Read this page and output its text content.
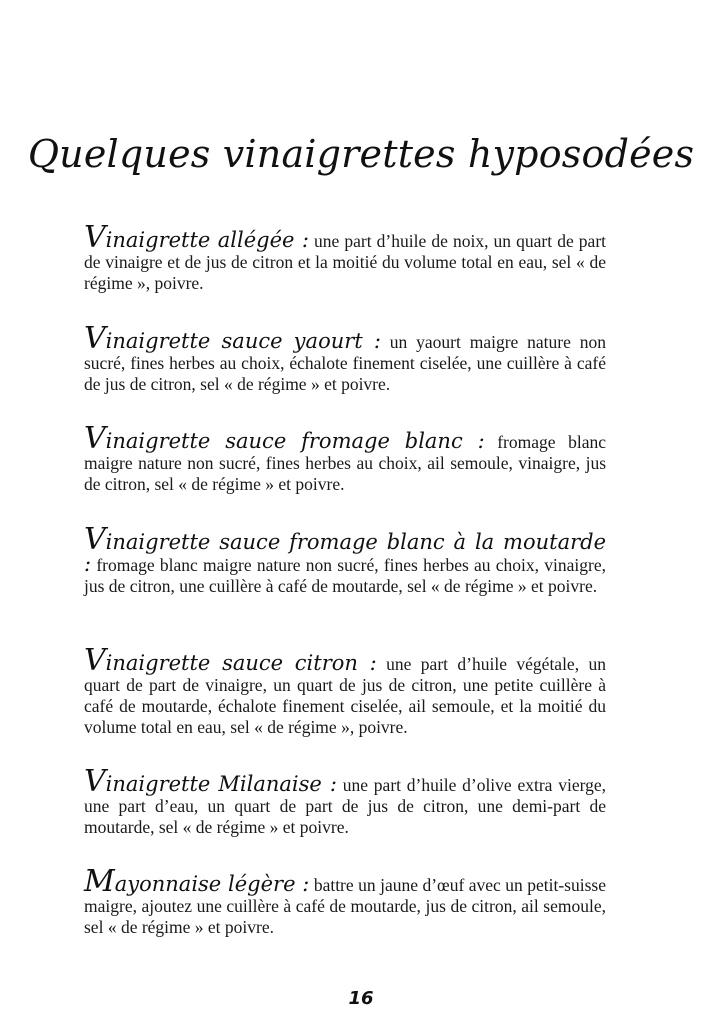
Quelques vinaigrettes hyposodées

Vinaigrette allégée : une part d’huile de noix, un quart de part de vinaigre et de jus de citron et la moitié du volume total en eau, sel « de régime », poivre.

Vinaigrette sauce yaourt : un yaourt maigre nature non sucré, fines herbes au choix, échalote finement ciselée, une cuillère à café de jus de citron, sel « de régime » et poivre.

Vinaigrette sauce fromage blanc : fromage blanc maigre nature non sucré, fines herbes au choix, ail semoule, vinaigre, jus de citron, sel « de régime » et poivre.

Vinaigrette sauce fromage blanc à la moutarde : fromage blanc maigre nature non sucré, fines herbes au choix, vinaigre, jus de citron, une cuillère à café de moutarde, sel « de régime » et poivre.

Vinaigrette sauce citron : une part d’huile végétale, un quart de part de vinaigre, un quart de jus de citron, une petite cuillère à café de moutarde, échalote finement ciselée, ail semoule, et la moitié du volume total en eau, sel « de régime », poivre.

Vinaigrette Milanaise : une part d’huile d’olive extra vierge, une part d’eau, un quart de part de jus de citron, une demi-part de moutarde, sel « de régime » et poivre.

Mayonnaise légère : battre un jaune d’œuf avec un petit-suisse maigre, ajoutez une cuillère à café de moutarde, jus de citron, ail semoule, sel « de régime » et poivre.

16
